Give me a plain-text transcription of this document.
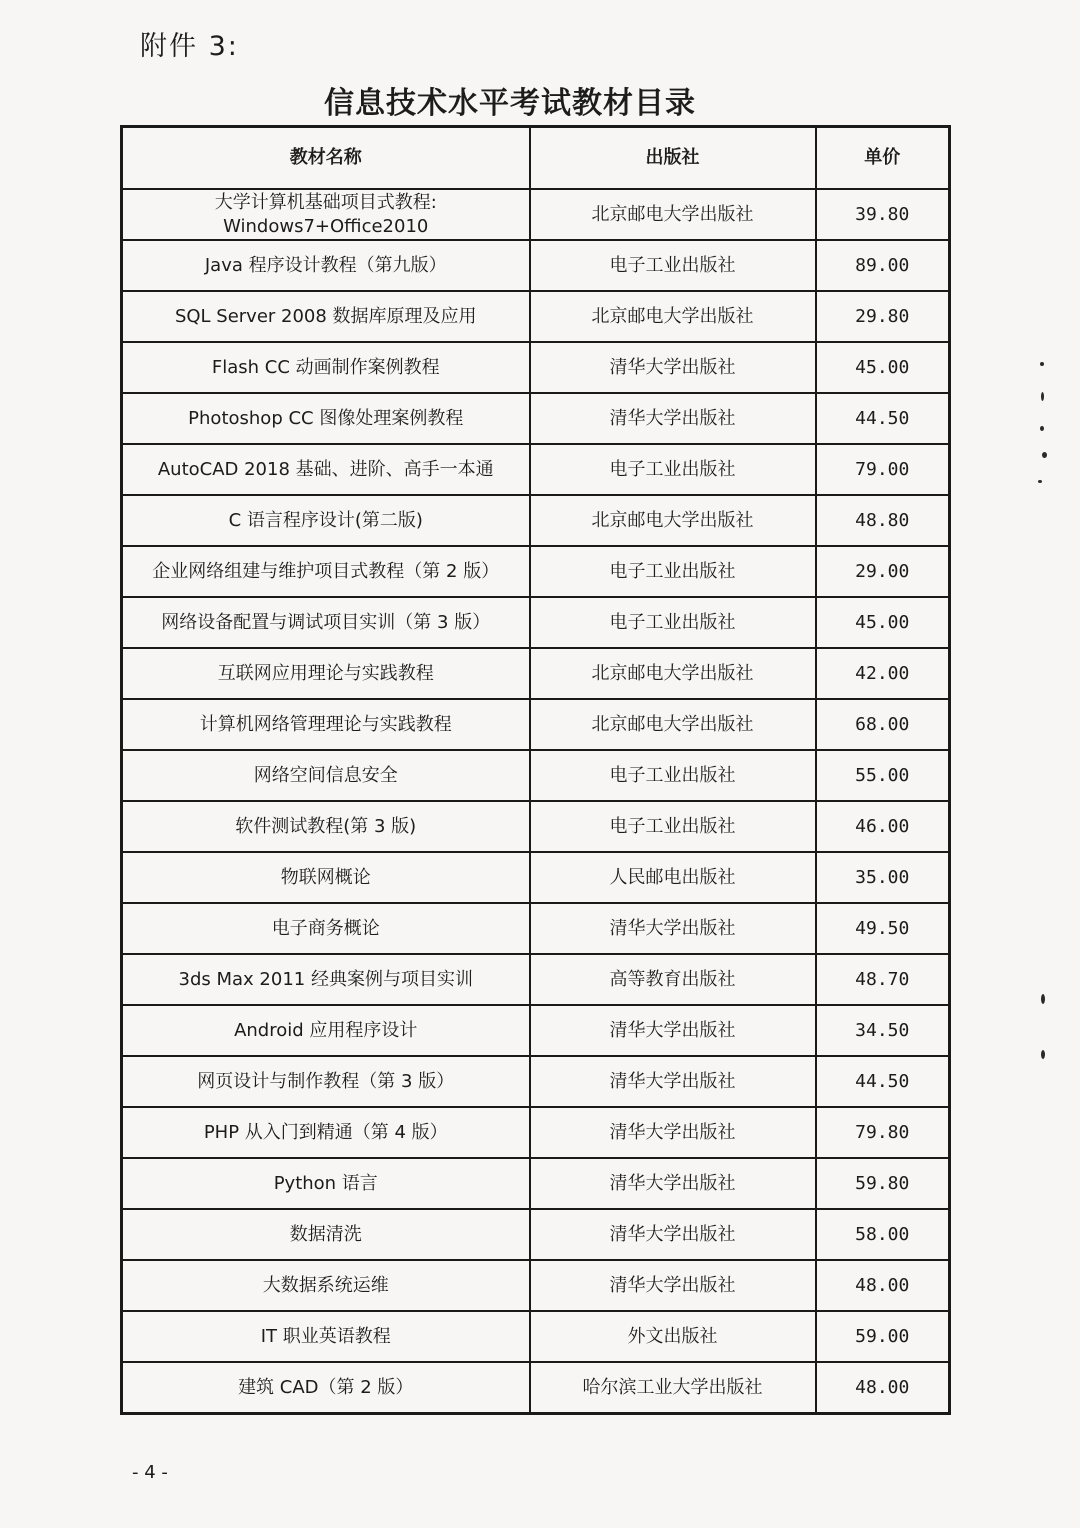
附件 3:
信息技术水平考试教材目录
教材名称	出版社	单价
大学计算机基础项目式教程:
Windows7+Office2010	北京邮电大学出版社	39.80
Java 程序设计教程（第九版）	电子工业出版社	89.00
SQL Server 2008 数据库原理及应用	北京邮电大学出版社	29.80
Flash CC 动画制作案例教程	清华大学出版社	45.00
Photoshop CC 图像处理案例教程	清华大学出版社	44.50
AutoCAD 2018 基础、进阶、高手一本通	电子工业出版社	79.00
C 语言程序设计(第二版)	北京邮电大学出版社	48.80
企业网络组建与维护项目式教程（第 2 版）	电子工业出版社	29.00
网络设备配置与调试项目实训（第 3 版）	电子工业出版社	45.00
互联网应用理论与实践教程	北京邮电大学出版社	42.00
计算机网络管理理论与实践教程	北京邮电大学出版社	68.00
网络空间信息安全	电子工业出版社	55.00
软件测试教程(第 3 版)	电子工业出版社	46.00
物联网概论	人民邮电出版社	35.00
电子商务概论	清华大学出版社	49.50
3ds Max 2011 经典案例与项目实训	高等教育出版社	48.70
Android 应用程序设计	清华大学出版社	34.50
网页设计与制作教程（第 3 版）	清华大学出版社	44.50
PHP 从入门到精通（第 4 版）	清华大学出版社	79.80
Python 语言	清华大学出版社	59.80
数据清洗	清华大学出版社	58.00
大数据系统运维	清华大学出版社	48.00
IT 职业英语教程	外文出版社	59.00
建筑 CAD（第 2 版）	哈尔滨工业大学出版社	48.00
- 4 -
